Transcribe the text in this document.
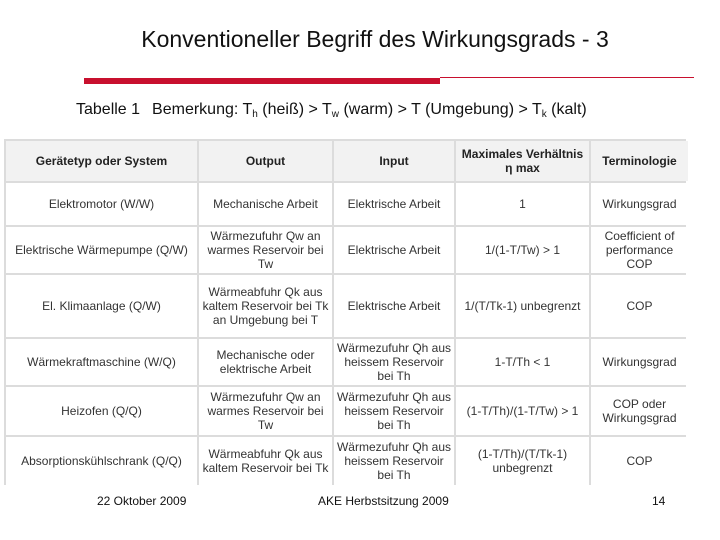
Konventioneller Begriff des Wirkungsgrads - 3
Tabelle 1 Bemerkung: $T_h$ (heiß) > $T_w$ (warm) > T (Umgebung) > $T_k$ (kalt)
Gerätetyp oder System	Output	Input	Maximales Verhältnis η max	Terminologie
Elektromotor (W/W)	Mechanische Arbeit	Elektrische Arbeit	1	Wirkungsgrad
Elektrische Wärmepumpe (Q/W)	Wärmezufuhr Qw an warmes Reservoir bei Tw	Elektrische Arbeit	1/(1-T/Tw) > 1	Coefficient of performance COP
El. Klimaanlage (Q/W)	Wärmeabfuhr Qk aus kaltem Reservoir bei Tk an Umgebung bei T	Elektrische Arbeit	1/(T/Tk-1) unbegrenzt	COP
Wärmekraftmaschine (W/Q)	Mechanische oder elektrische Arbeit	Wärmezufuhr Qh aus heissem Reservoir bei Th	1-T/Th < 1	Wirkungsgrad
Heizofen (Q/Q)	Wärmezufuhr Qw an warmes Reservoir bei Tw	Wärmezufuhr Qh aus heissem Reservoir bei Th	(1-T/Th)/(1-T/Tw) > 1	COP oder Wirkungsgrad
Absorptionskühlschrank (Q/Q)	Wärmeabfuhr Qk aus kaltem Reservoir bei Tk	Wärmezufuhr Qh aus heissem Reservoir bei Th	(1-T/Th)/(T/Tk-1) unbegrenzt	COP
22 Oktober 2009	AKE Herbstsitzung 2009	14
